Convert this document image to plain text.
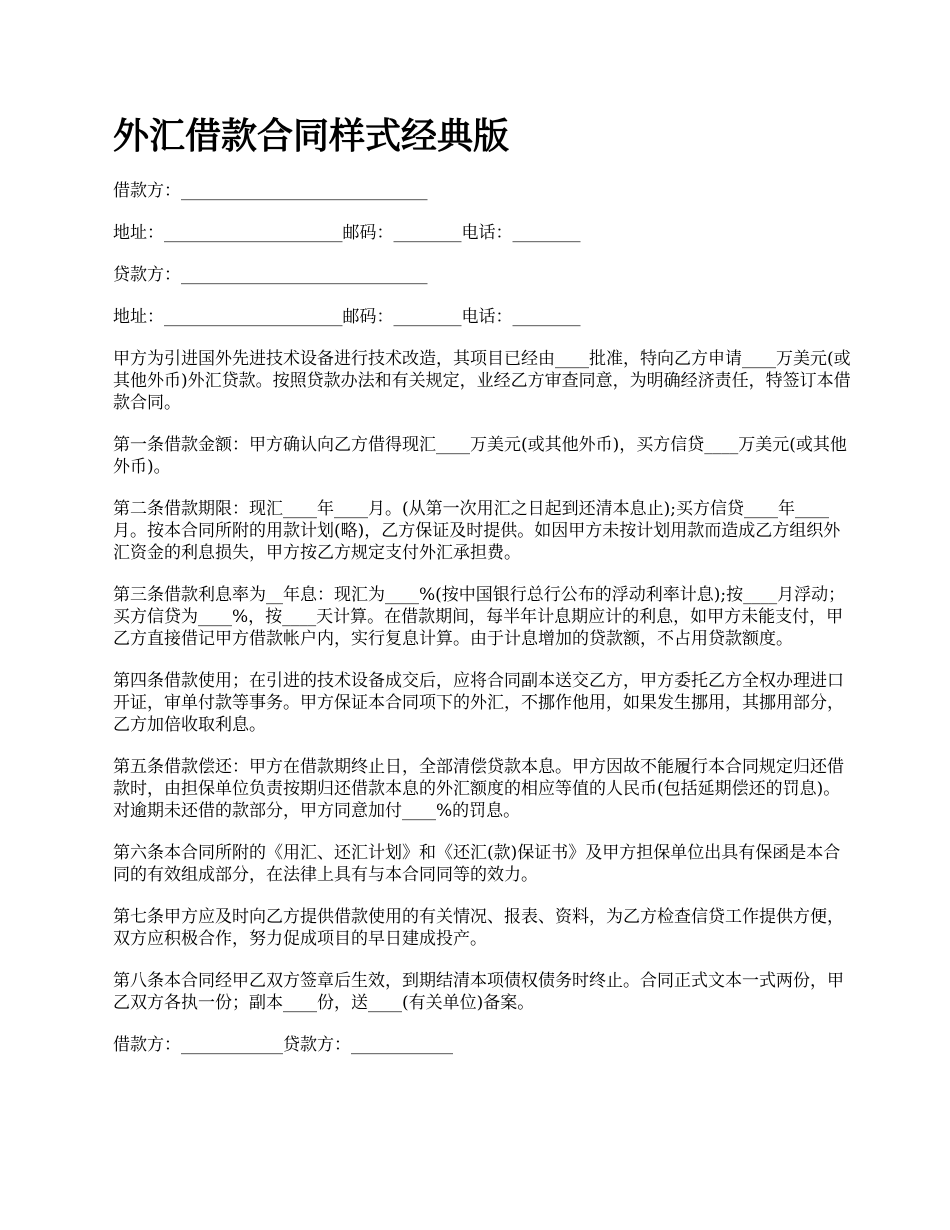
外汇借款合同样式经典版
借款方：_____________________________
地址：_____________________邮码：________电话：________
贷款方：_____________________________
地址：_____________________邮码：________电话：________

甲方为引进国外先进技术设备进行技术改造，其项目已经由____批准，特向乙方申请____万美元(或其他外币)外汇贷款。按照贷款办法和有关规定，业经乙方审查同意，为明确经济责任，特签订本借款合同。

第一条借款金额：甲方确认向乙方借得现汇____万美元(或其他外币)，买方信贷____万美元(或其他外币)。

第二条借款期限：现汇____年____月。(从第一次用汇之日起到还清本息止);买方信贷____年____月。按本合同所附的用款计划(略)，乙方保证及时提供。如因甲方未按计划用款而造成乙方组织外汇资金的利息损失，甲方按乙方规定支付外汇承担费。

第三条借款利息率为__年息：现汇为____%(按中国银行总行公布的浮动利率计息);按____月浮动；买方信贷为____%，按____天计算。在借款期间，每半年计息期应计的利息，如甲方未能支付，甲乙方直接借记甲方借款帐户内，实行复息计算。由于计息增加的贷款额，不占用贷款额度。

第四条借款使用；在引进的技术设备成交后，应将合同副本送交乙方，甲方委托乙方全权办理进口开证，审单付款等事务。甲方保证本合同项下的外汇，不挪作他用，如果发生挪用，其挪用部分，乙方加倍收取利息。

第五条借款偿还：甲方在借款期终止日，全部清偿贷款本息。甲方因故不能履行本合同规定归还借款时，由担保单位负责按期归还借款本息的外汇额度的相应等值的人民币(包括延期偿还的罚息)。对逾期未还借的款部分，甲方同意加付____%的罚息。

第六条本合同所附的《用汇、还汇计划》和《还汇(款)保证书》及甲方担保单位出具有保函是本合同的有效组成部分，在法律上具有与本合同同等的效力。

第七条甲方应及时向乙方提供借款使用的有关情况、报表、资料，为乙方检查信贷工作提供方便，双方应积极合作，努力促成项目的早日建成投产。

第八条本合同经甲乙双方签章后生效，到期结清本项债权债务时终止。合同正式文本一式两份，甲乙双方各执一份；副本____份，送____(有关单位)备案。

借款方：____________贷款方：____________
